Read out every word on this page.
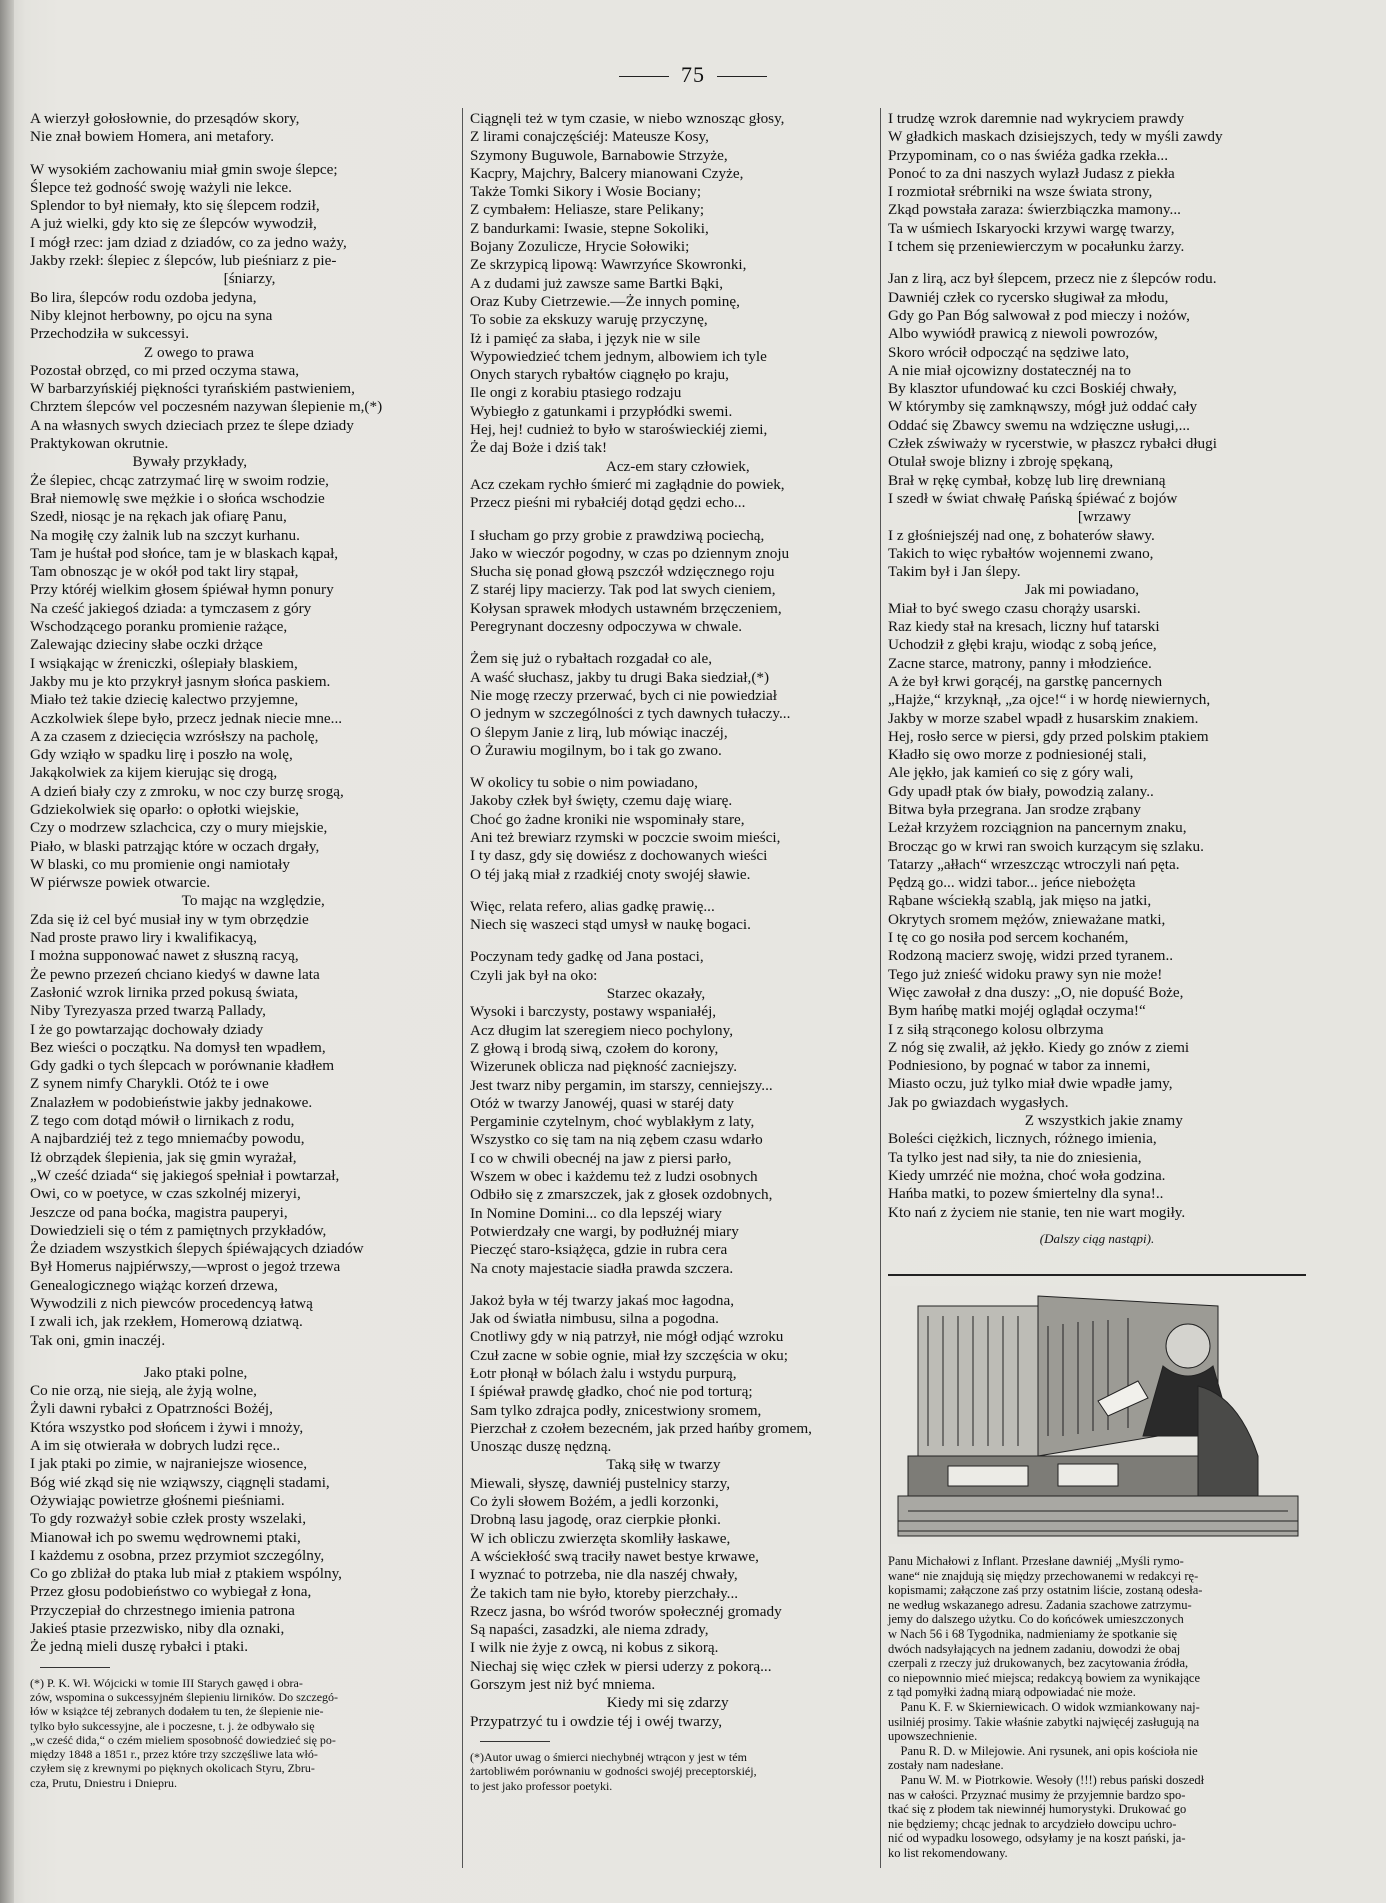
75

A wierzył gołosłownie, do przesądów skory,

Nie znał bowiem Homera, ani metafory.

W wysokiém zachowaniu miał gmin swoje ślepce;

Ślepce też godność swoję ważyli nie lekce.

Splendor to był niemały, kto się ślepcem rodził,

A już wielki, gdy kto się ze ślepców wywodził,

I mógł rzec: jam dziad z dziadów, co za jedno waży,

Jakby rzekł: ślepiec z ślepców, lub pieśniarz z pie-

[śniarzy,

Bo lira, ślepców rodu ozdoba jedyna,

Niby klejnot herbowny, po ojcu na syna

Przechodziła w sukcessyi.

Z owego to prawa

Pozostał obrzęd, co mi przed oczyma stawa,

W barbarzyńskiéj piękności tyrańskiém pastwieniem,

Chrztem ślepców vel poczesném nazywan ślepienie m,(*)

A na własnych swych dzieciach przez te ślepe dziady

Praktykowan okrutnie.

Bywały przykłady,

Że ślepiec, chcąc zatrzymać lirę w swoim rodzie,

Brał niemowlę swe mężkie i o słońca wschodzie

Szedł, niosąc je na rękach jak ofiarę Panu,

Na mogiłę czy żalnik lub na szczyt kurhanu.

Tam je huśtał pod słońce, tam je w blaskach kąpał,

Tam obnosząc je w okół pod takt liry stąpał,

Przy któréj wielkim głosem śpiéwał hymn ponury

Na cześć jakiegoś dziada: a tymczasem z góry

Wschodzącego poranku promienie rażące,

Zalewając dzieciny słabe oczki drżące

I wsiąkając w źreniczki, oślepiały blaskiem,

Jakby mu je kto przykrył jasnym słońca paskiem.

Miało też takie dziecię kalectwo przyjemne,

Aczkolwiek ślepe było, przecz jednak niecie mne...

A za czasem z dziecięcia wzrósłszy na pacholę,

Gdy wziąło w spadku lirę i poszło na wolę,

Jakąkolwiek za kijem kierując się drogą,

A dzień biały czy z zmroku, w noc czy burzę srogą,

Gdziekolwiek się oparło: o opłotki wiejskie,

Czy o modrzew szlachcica, czy o mury miejskie,

Piało, w blaski patrząjąc które w oczach drgały,

W blaski, co mu promienie ongi namiotały

W piérwsze powiek otwarcie.

To mając na względzie,

Zda się iż cel być musiał iny w tym obrzędzie

Nad proste prawo liry i kwalifikacyą,

I można supponować nawet z słuszną racyą,

Że pewno przezeń chciano kiedyś w dawne lata

Zasłonić wzrok lirnika przed pokusą świata,

Niby Tyrezyasza przed twarzą Pallady,

I że go powtarzając dochowały dziady

Bez wieści o początku. Na domysł ten wpadłem,

Gdy gadki o tych ślepcach w porównanie kładłem

Z synem nimfy Charykli. Otóż te i owe

Znalazłem w podobieństwie jakby jednakowe.

Z tego com dotąd mówił o lirnikach z rodu,

A najbardziéj też z tego mniemaćby powodu,

Iż obrządek ślepienia, jak się gmin wyrażał,

„W cześć dziada“ się jakiegoś spełniał i powtarzał,

Owi, co w poetyce, w czas szkolnéj mizeryi,

Jeszcze od pana boćka, magistra pauperyi,

Dowiedzieli się o tém z pamiętnych przykładów,

Że dziadem wszystkich ślepych śpiéwających dziadów

Był Homerus najpiérwszy,—wprost o jegoż trzewa

Genealogicznego wiążąc korzeń drzewa,

Wywodzili z nich piewców procedencyą łatwą

I zwali ich, jak rzekłem, Homerową dziatwą.

Tak oni, gmin inaczéj.

Jako ptaki polne,

Co nie orzą, nie sieją, ale żyją wolne,

Żyli dawni rybałci z Opatrzności Bożéj,

Która wszystko pod słońcem i żywi i mnoży,

A im się otwierała w dobrych ludzi ręce..

I jak ptaki po zimie, w najraniejsze wiosence,

Bóg wié zkąd się nie wziąwszy, ciągnęli stadami,

Ożywiając powietrze głośnemi pieśniami.

To gdy rozważył sobie człek prosty wszelaki,

Mianował ich po swemu wędrownemi ptaki,

I każdemu z osobna, przez przymiot szczególny,

Co go zbliżał do ptaka lub miał z ptakiem wspólny,

Przez głosu podobieństwo co wybiegał z łona,

Przyczepiał do chrzestnego imienia patrona

Jakieś ptasie przezwisko, niby dla oznaki,

Że jedną mieli duszę rybałci i ptaki.

(*) P. K. Wł. Wójcicki w tomie III Starych gawęd i obra-

zów, wspomina o sukcessyjném ślepieniu lirników. Do szczegó-

łów w książce téj zebranych dodałem tu ten, że ślepienie nie-

tylko było sukcessyjne, ale i poczesne, t. j. że odbywało się

„w cześć dida,“ o czém mieliem sposobność dowiedzieć się po-

między 1848 a 1851 r., przez które trzy szczęśliwe lata włó-

czyłem się z krewnymi po pięknych okolicach Styru, Zbru-

cza, Prutu, Dniestru i Dniepru.

Ciągnęli też w tym czasie, w niebo wznosząc głosy,

Z lirami conajczęściéj: Mateusze Kosy,

Szymony Buguwole, Barnabowie Strzyże,

Kacpry, Majchry, Balcery mianowani Czyże,

Także Tomki Sikory i Wosie Bociany;

Z cymbałem: Heliasze, stare Pelikany;

Z bandurkami: Iwasie, stepne Sokoliki,

Bojany Zozulicze, Hrycie Sołowiki;

Ze skrzypicą lipową: Wawrzyńce Skowronki,

A z dudami już zawsze same Bartki Bąki,

Oraz Kuby Cietrzewie.—Że innych pominę,

To sobie za ekskuzy waruję przyczynę,

Iż i pamięć za słaba, i język nie w sile

Wypowiedzieć tchem jednym, albowiem ich tyle

Onych starych rybałtów ciągnęło po kraju,

Ile ongi z korabiu ptasiego rodzaju

Wybiegło z gatunkami i przypłódki swemi.

Hej, hej! cudnież to było w staroświeckiéj ziemi,

Że daj Boże i dziś tak!

Acz-em stary człowiek,

Acz czekam rychło śmierć mi zagłądnie do powiek,

Przecz pieśni mi rybałciéj dotąd gędzi echo...

I słucham go przy grobie z prawdziwą pociechą,

Jako w wieczór pogodny, w czas po dziennym znoju

Słucha się ponad głową pszczół wdzięcznego roju

Z staréj lipy macierzy. Tak pod lat swych cieniem,

Kołysan sprawek młodych ustawném brzęczeniem,

Peregrynant doczesny odpoczywa w chwale.

Żem się już o rybałtach rozgadał co ale,

A waść słuchasz, jakby tu drugi Baka siedział,(*)

Nie mogę rzeczy przerwać, bych ci nie powiedział

O jednym w szczególności z tych dawnych tułaczy...

O ślepym Janie z lirą, lub mówiąc inaczéj,

O Żurawiu mogilnym, bo i tak go zwano.

W okolicy tu sobie o nim powiadano,

Jakoby człek był święty, czemu daję wiarę.

Choć go żadne kroniki nie wspominały stare,

Ani też brewiarz rzymski w poczcie swoim mieści,

I ty dasz, gdy się dowiész z dochowanych wieści

O téj jaką miał z rzadkiéj cnoty swojéj sławie.

Więc, relata refero, alias gadkę prawię...

Niech się waszeci stąd umysł w naukę bogaci.

Poczynam tedy gadkę od Jana postaci,

Czyli jak był na oko:

Starzec okazały,

Wysoki i barczysty, postawy wspaniałéj,

Acz długim lat szeregiem nieco pochylony,

Z głową i brodą siwą, czołem do korony,

Wizerunek oblicza nad piękność zacniejszy.

Jest twarz niby pergamin, im starszy, cenniejszy...

Otóż w twarzy Janowéj, quasi w staréj daty

Pergaminie czytelnym, choć wyblakłym z laty,

Wszystko co się tam na nią zębem czasu wdarło

I co w chwili obecnéj na jaw z piersi parło,

Wszem w obec i każdemu też z ludzi osobnych

Odbiło się z zmarszczek, jak z głosek ozdobnych,

In Nomine Domini... co dla lepszéj wiary

Potwierdzały cne wargi, by podłużnéj miary

Pieczęć staro-książęca, gdzie in rubra cera

Na cnoty majestacie siadła prawda szczera.

Jakoż była w téj twarzy jakaś moc łagodna,

Jak od światła nimbusu, silna a pogodna.

Cnotliwy gdy w nią patrzył, nie mógł odjąć wzroku

Czuł zacne w sobie ognie, miał łzy szczęścia w oku;

Łotr płonął w bólach żalu i wstydu purpurą,

I śpiéwał prawdę gładko, choć nie pod torturą;

Sam tylko zdrajca podły, znicestwiony sromem,

Pierzchał z czołem bezecném, jak przed hańby gromem,

Unosząc duszę nędzną.

Taką siłę w twarzy

Miewali, słyszę, dawniéj pustelnicy starzy,

Co żyli słowem Bożém, a jedli korzonki,

Drobną lasu jagodę, oraz cierpkie płonki.

W ich obliczu zwierzęta skomliły łaskawe,

A wściekłość swą traciły nawet bestye krwawe,

I wyznać to potrzeba, nie dla naszéj chwały,

Że takich tam nie było, ktoreby pierzchały...

Rzecz jasna, bo wśród tworów społecznéj gromady

Są napaści, zasadzki, ale niema zdrady,

I wilk nie żyje z owcą, ni kobus z sikorą.

Niechaj się więc człek w piersi uderzy z pokorą...

Gorszym jest niż być mniema.

Kiedy mi się zdarzy

Przypatrzyć tu i owdzie téj i owéj twarzy,

(*)Autor uwag o śmierci niechybnéj wtrącon y jest w tém

żartobliwém porównaniu w godności swojéj preceptorskiéj,

to jest jako professor poetyki.

I trudzę wzrok daremnie nad wykryciem prawdy

W gładkich maskach dzisiejszych, tedy w myśli zawdy

Przypominam, co o nas świéża gadka rzekła...

Ponoć to za dni naszych wylazł Judasz z piekła

I rozmiotał srébrniki na wsze świata strony,

Zkąd powstała zaraza: świerzbiączka mamony...

Ta w uśmiech Iskaryocki krzywi wargę twarzy,

I tchem się przeniewierczym w pocałunku żarzy.

Jan z lirą, acz był ślepcem, przecz nie z ślepców rodu.

Dawniéj człek co rycersko sługiwał za młodu,

Gdy go Pan Bóg salwował z pod mieczy i nożów,

Albo wywiódł prawicą z niewoli powrozów,

Skoro wrócił odpocząć na sędziwe lato,

A nie miał ojcowizny dostatecznéj na to

By klasztor ufundować ku czci Boskiéj chwały,

W którymby się zamknąwszy, mógł już oddać cały

Oddać się Zbawcy swemu na wdzięczne usługi,...

Człek zświważy w rycerstwie, w płaszcz rybałci długi

Otulał swoje blizny i zbroję spękaną,

Brał w rękę cymbał, kobzę lub lirę drewnianą

I szedł w świat chwałę Pańską śpiéwać z bojów

[wrzawy

I z głośniejszéj nad onę, z bohaterów sławy.

Takich to więc rybałtów wojennemi zwano,

Takim był i Jan ślepy.

Jak mi powiadano,

Miał to być swego czasu chorąży usarski.

Raz kiedy stał na kresach, liczny huf tatarski

Uchodził z głębi kraju, wiodąc z sobą jeńce,

Zacne starce, matrony, panny i młodzieńce.

A że był krwi gorącéj, na garstkę pancernych

„Hajże,“ krzyknął, „za ojce!“ i w hordę niewiernych,

Jakby w morze szabel wpadł z husarskim znakiem.

Hej, rosło serce w piersi, gdy przed polskim ptakiem

Kładło się owo morze z podniesionéj stali,

Ale jękło, jak kamień co się z góry wali,

Gdy upadł ptak ów biały, powodzią zalany..

Bitwa była przegrana. Jan srodze zrąbany

Leżał krzyżem rozciągnion na pancernym znaku,

Brocząc go w krwi ran swoich kurzącym się szlaku.

Tatarzy „ałłach“ wrzeszcząc wtroczyli nań pęta.

Pędzą go... widzi tabor... jeńce niebożęta

Rąbane wściekłą szablą, jak mięso na jatki,

Okrytych sromem mężów, znieważane matki,

I tę co go nosiła pod sercem kochaném,

Rodzoną macierz swoję, widzi przed tyranem..

Tego już znieść widoku prawy syn nie możе!

Więc zawołał z dna duszy: „O, nie dopuść Boże,

Bym hańbę matki mojéj oglądał oczyma!“

I z siłą strąconego kolosu olbrzyma

Z nóg się zwalił, aż jękło. Kiedy go znów z ziemi

Podniesiono, by pognać w tabor za innemi,

Miasto oczu, już tylko miał dwie wpadłe jamy,

Jak po gwiazdach wygasłych.

Z wszystkich jakie znamy

Boleści ciężkich, licznych, różnego imienia,

Ta tylko jest nad siły, ta nie do zniesienia,

Kiedy umrzéć nie można, choć woła godzina.

Hańba matki, to pozew śmiertelny dla syna!..

Kto nań z życiem nie stanie, ten nie wart mogiły.

(Dalszy ciąg nastąpi).

Panu Michałowi z Inflant. Przesłane dawniéj „Myśli rymo-

wane“ nie znajdują się między przechowanemi w redakcyi rę-

kopismami; załączone zaś przy ostatnim liście, zostaną odesła-

ne według wskazanego adresu. Zadania szachowe zatrzymu-

jemy do dalszego użytku. Co do końcówek umieszczonych

w Nach 56 i 68 Tygodnika, nadmieniamy że spotkanie się

dwóch nadsyłających na jednem zadaniu, dowodzi że obaj

czerpali z rzeczy już drukowanych, bez zacytowania źródła,

co niepownnio mieć miejsca; redakcyą bowiem za wynikające

z tąd pomyłki żadną miarą odpowiadać nie może.

Panu K. F. w Skierniewicach. O widok wzmiankowany naj-

usilniéj prosimy. Takie właśnie zabytki najwięcéj zasługują na

upowszechnienie.

Panu R. D. w Milejowie. Ani rysunek, ani opis kościoła nie

zostały nam nadesłane.

Panu W. M. w Piotrkowie. Wesoły (!!!) rebus pański doszedł

nas w całości. Przyznać musimy że przyjemnie bardzo spo-

tkać się z płodem tak niewinnéj humorystyki. Drukować go

nie będziemy; chcąc jednak to arcydzieło dowcipu uchro-

nić od wypadku losowego, odsyłamy je na koszt pański, ja-

ko list rekomendowany.
